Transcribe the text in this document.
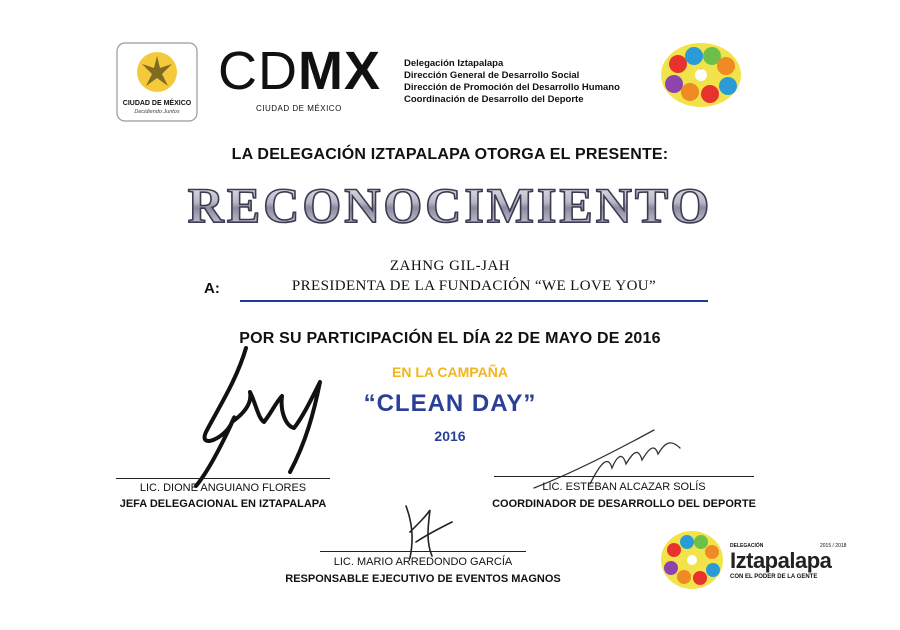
CIUDAD DE MÉXICO
Decidiendo Juntos
CDMX
CIUDAD DE MÉXICO
Delegación Iztapalapa
Dirección General de Desarrollo Social
Dirección de Promoción del Desarrollo Humano
Coordinación de Desarrollo del Deporte
LA DELEGACIÓN IZTAPALAPA OTORGA EL PRESENTE:
RECONOCIMIENTO
ZAHNG GIL-JAH
A:	PRESIDENTA DE LA FUNDACIÓN “WE LOVE YOU”
POR SU PARTICIPACIÓN EL DÍA 22 DE MAYO DE 2016
EN LA CAMPAÑA
“CLEAN DAY”
2016
LIC. DIONE ANGUIANO FLORES
JEFA DELEGACIONAL EN IZTAPALAPA
LIC. ESTEBAN ALCAZAR SOLÍS
COORDINADOR DE DESARROLLO DEL DEPORTE
LIC. MARIO ARREDONDO GARCÍA
RESPONSABLE EJECUTIVO DE EVENTOS MAGNOS
DELEGACIÓN	2015 / 2018
Iztapalapa
CON EL PODER DE LA GENTE
